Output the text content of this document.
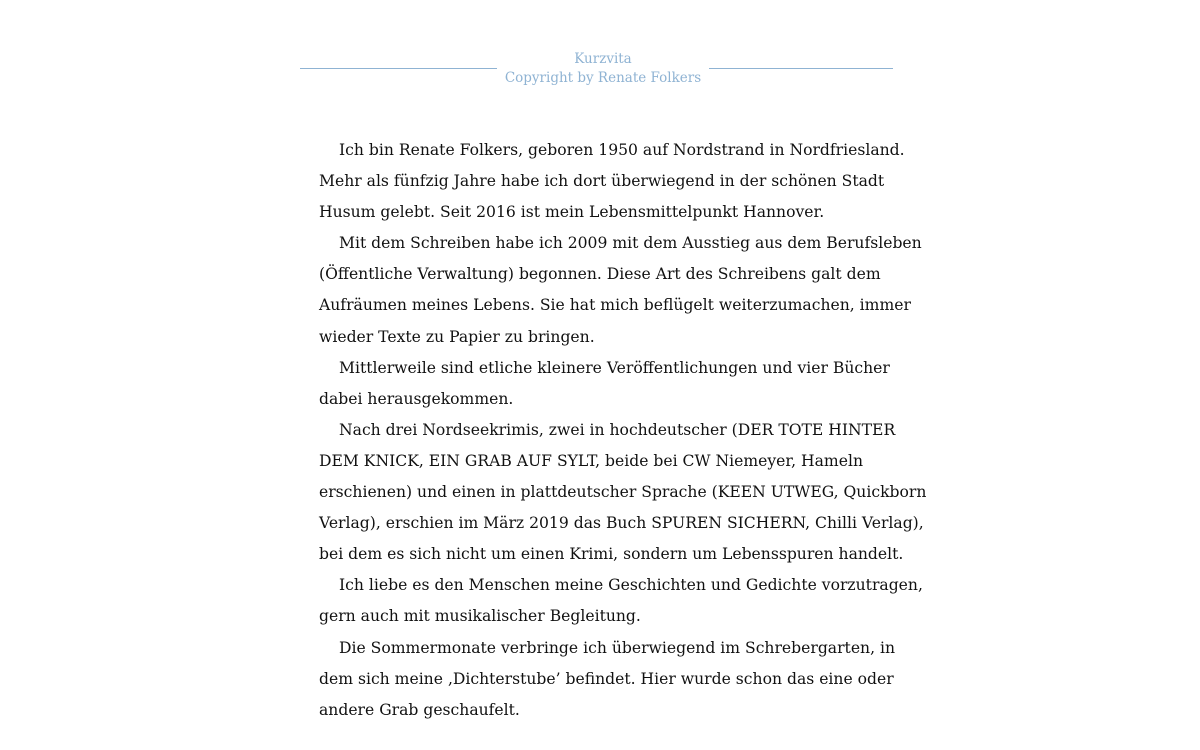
Kurzvita
Copyright by Renate Folkers
Ich bin Renate Folkers, geboren 1950 auf Nordstrand in Nordfriesland.
Mehr als fünfzig Jahre habe ich dort überwiegend in der schönen Stadt
Husum gelebt. Seit 2016 ist mein Lebensmittelpunkt Hannover.
Mit dem Schreiben habe ich 2009 mit dem Ausstieg aus dem Berufsleben
(Öffentliche Verwaltung) begonnen. Diese Art des Schreibens galt dem
Aufräumen meines Lebens. Sie hat mich beflügelt weiterzumachen, immer
wieder Texte zu Papier zu bringen.
Mittlerweile sind etliche kleinere Veröffentlichungen und vier Bücher
dabei herausgekommen.
Nach drei Nordseekrimis, zwei in hochdeutscher (DER TOTE HINTER
DEM KNICK, EIN GRAB AUF SYLT, beide bei CW Niemeyer, Hameln
erschienen) und einen in plattdeutscher Sprache (KEEN UTWEG, Quickborn
Verlag), erschien im März 2019 das Buch SPUREN SICHERN, Chilli Verlag),
bei dem es sich nicht um einen Krimi, sondern um Lebensspuren handelt.
Ich liebe es den Menschen meine Geschichten und Gedichte vorzutragen,
gern auch mit musikalischer Begleitung.
Die Sommermonate verbringe ich überwiegend im Schrebergarten, in
dem sich meine ‚Dichterstube’ befindet. Hier wurde schon das eine oder
andere Grab geschaufelt.
